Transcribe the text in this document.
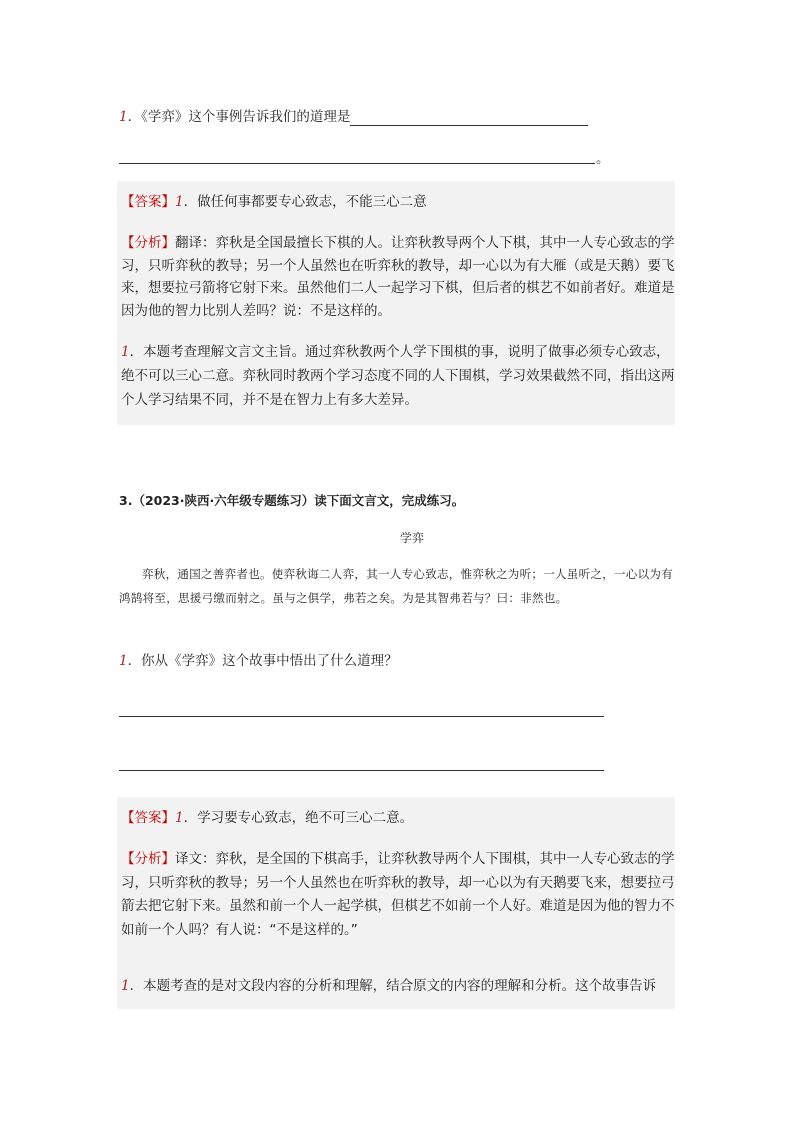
1．《学弈》这个事例告诉我们的道理是
。
【答案】1．做任何事都要专心致志，不能三心二意
【分析】翻译：弈秋是全国最擅长下棋的人。让弈秋教导两个人下棋，其中一人专心致志的学习，只听弈秋的教导；另一个人虽然也在听弈秋的教导，却一心以为有大雁（或是天鹅）要飞来，想要拉弓箭将它射下来。虽然他们二人一起学习下棋，但后者的棋艺不如前者好。难道是因为他的智力比别人差吗？说：不是这样的。
1．本题考查理解文言文主旨。通过弈秋教两个人学下围棋的事，说明了做事必须专心致志，绝不可以三心二意。弈秋同时教两个学习态度不同的人下围棋，学习效果截然不同，指出这两个人学习结果不同，并不是在智力上有多大差异。
3.（2023·陕西·六年级专题练习）读下面文言文，完成练习。
学弈
弈秋，通国之善弈者也。使弈秋诲二人弈，其一人专心致志，惟弈秋之为听；一人虽听之，一心以为有鸿鹄将至，思援弓缴而射之。虽与之俱学，弗若之矣。为是其智弗若与？曰：非然也。
1．你从《学弈》这个故事中悟出了什么道理？
【答案】1．学习要专心致志，绝不可三心二意。
【分析】译文：弈秋，是全国的下棋高手，让弈秋教导两个人下围棋，其中一人专心致志的学习，只听弈秋的教导；另一个人虽然也在听弈秋的教导，却一心以为有天鹅要飞来，想要拉弓箭去把它射下来。虽然和前一个人一起学棋，但棋艺不如前一个人好。难道是因为他的智力不如前一个人吗？有人说：“不是这样的。”
1．本题考查的是对文段内容的分析和理解，结合原文的内容的理解和分析。这个故事告诉
